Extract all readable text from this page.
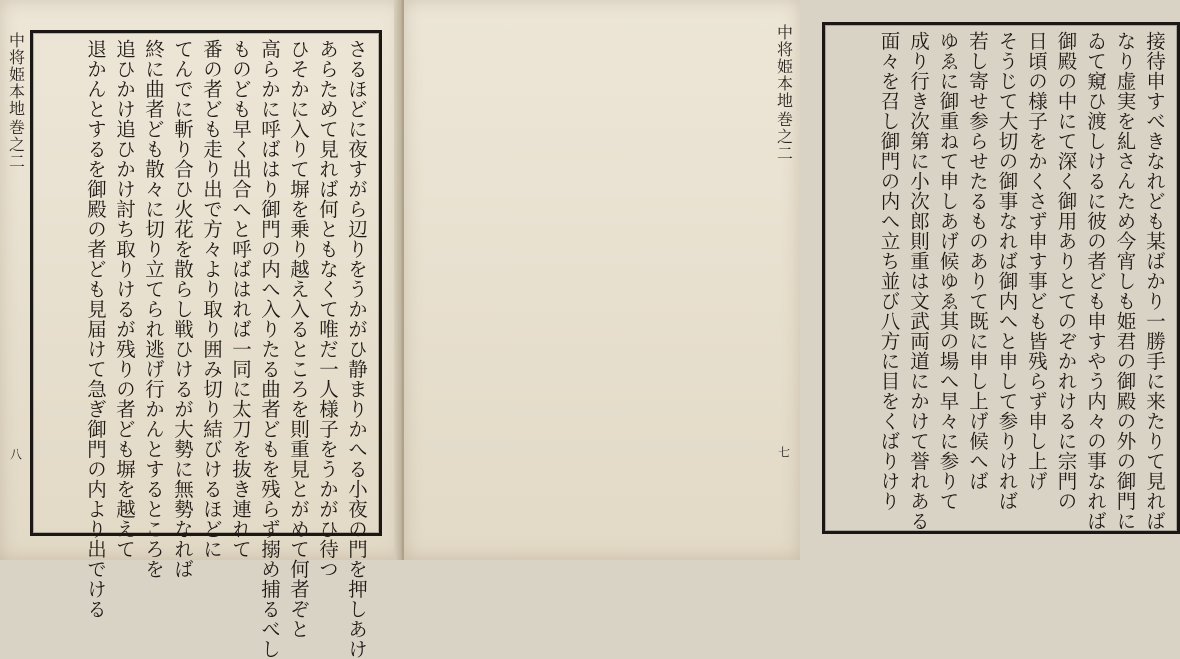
中将姫本地
巻之二
八	さるほどに夜すがら辺りをうかがひ静まりかへる小夜の門を押しあけ
あらためて見れば何ともなくて唯だ一人様子をうかがひ待つ
ひそかに入りて塀を乗り越え入るところを則重見とがめて何者ぞと
高らかに呼ばはり御門の内へ入りたる曲者どもを残らず搦め捕るべし
ものども早く出合へと呼ばはれば一同に太刀を抜き連れて
番の者ども走り出で方々より取り囲み切り結びけるほどに
てんでに斬り合ひ火花を散らし戦ひけるが大勢に無勢なれば
終に曲者ども散々に切り立てられ逃げ行かんとするところを
追ひかけ追ひかけ討ち取りけるが残りの者ども塀を越えて
退かんとするを御殿の者ども見届けて急ぎ御門の内より出でける	接待申すべきなれども某ばかり一勝手に来たりて見れば
なり虚実を糺さんため今宵しも姫君の御殿の外の御門に
ゐて窺ひ渡しけるに彼の者ども申すやう内々の事なれば
御殿の中にて深く御用ありとてのぞかれけるに宗門の
日頃の様子をかくさず申す事ども皆残らず申し上げ
そうじて大切の御事なれば御内へと申して参りければ
若し寄せ参らせたるものありて既に申し上げ候へば
ゆゑに御重ねて申しあげ候ゆゑ其の場へ早々に参りて
成り行き次第に小次郎則重は文武両道にかけて誉れある
面々を召し御門の内へ立ち並び八方に目をくばりけり
中将姫本地
巻之二
七
